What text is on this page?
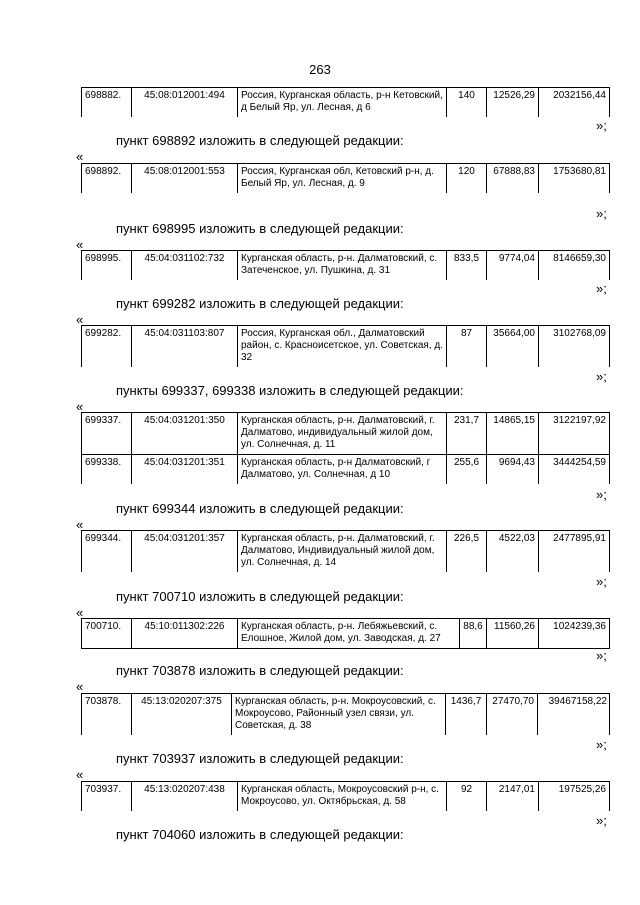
263
698882.	45:08:012001:494	Россия, Курганская область, р-н Кетовский, д Белый Яр, ул. Лесная, д 6	140	12526,29	2032156,44
»;
пункт 698892 изложить в следующей редакции:
«
698892.	45:08:012001:553	Россия, Курганская обл, Кетовский р-н, д. Белый Яр, ул. Лесная, д. 9	120	67888,83	1753680,81
»;
пункт 698995 изложить в следующей редакции:
«
698995.	45:04:031102:732	Курганская область, р-н. Далматовский, с. Затеченское, ул. Пушкина, д. 31	833,5	9774,04	8146659,30
»;
пункт 699282 изложить в следующей редакции:
«
699282.	45:04:031103:807	Россия, Курганская обл., Далматовский район, с. Красноисетское, ул. Советская, д. 32	87	35664,00	3102768,09
»;
пункты 699337, 699338 изложить в следующей редакции:
«
699337.	45:04:031201:350	Курганская область, р-н. Далматовский, г. Далматово, индивидуальный жилой дом, ул. Солнечная, д. 11	231,7	14865,15	3122197,92
699338.	45:04:031201:351	Курганская область, р-н Далматовский, г Далматово, ул. Солнечная, д 10	255,6	9694,43	3444254,59
»;
пункт 699344 изложить в следующей редакции:
«
699344.	45:04:031201:357	Курганская область, р-н. Далматовский, г. Далматово, Индивидуальный жилой дом, ул. Солнечная, д. 14	226,5	4522,03	2477895,91
»;
пункт 700710 изложить в следующей редакции:
«
700710.	45:10:011302:226	Курганская область, р-н. Лебяжьевский, с. Елошное, Жилой дом, ул. Заводская, д. 27	88,6	11560,26	1024239,36
»;
пункт 703878 изложить в следующей редакции:
«
703878.	45:13:020207:375	Курганская область, р-н. Мокроусовский, с. Мокроусово, Районный узел связи, ул. Советская, д. 38	1436,7	27470,70	39467158,22
»;
пункт 703937 изложить в следующей редакции:
«
703937.	45:13:020207:438	Курганская область, Мокроусовский р-н, с. Мокроусово, ул. Октябрьская, д. 58	92	2147,01	197525,26
»;
пункт 704060 изложить в следующей редакции:
